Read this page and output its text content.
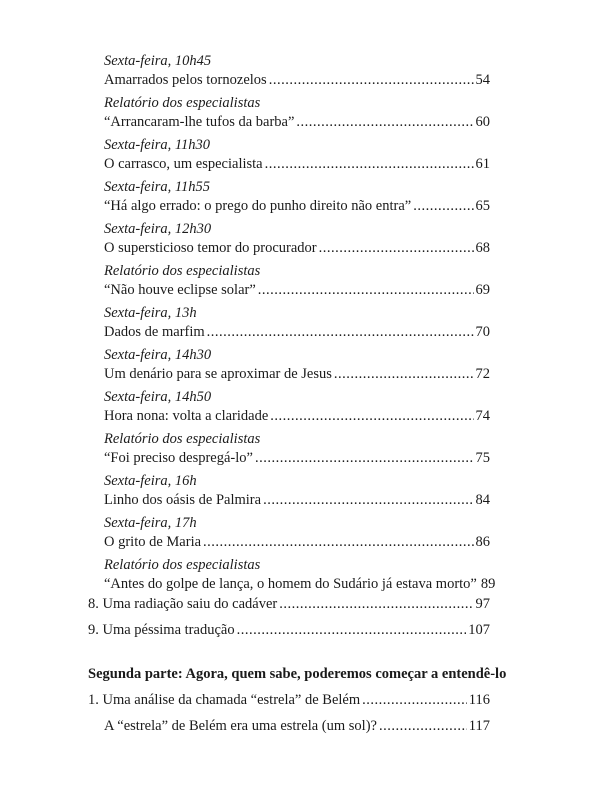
Sexta-feira, 10h45
Amarrados pelos tornozelos .....	54
Relatório dos especialistas
“Arrancaram-lhe tufos da barba” .....	60
Sexta-feira, 11h30
O carrasco, um especialista .....	61
Sexta-feira, 11h55
“Há algo errado: o prego do punho direito não entra” .....	65
Sexta-feira, 12h30
O supersticioso temor do procurador .....	68
Relatório dos especialistas
“Não houve eclipse solar” .....	69
Sexta-feira, 13h
Dados de marfim .....	70
Sexta-feira, 14h30
Um denário para se aproximar de Jesus .....	72
Sexta-feira, 14h50
Hora nona: volta a claridade .....	74
Relatório dos especialistas
“Foi preciso despregá-lo” .....	75
Sexta-feira, 16h
Linho dos oásis de Palmira .....	84
Sexta-feira, 17h
O grito de Maria .....	86
Relatório dos especialistas
“Antes do golpe de lança, o homem do Sudário já estava morto” 89
8. Uma radiação saiu do cadáver .....	97
9. Uma péssima tradução .....	107
Segunda parte: Agora, quem sabe, poderemos começar a entendê-lo
1. Uma análise da chamada “estrela” de Belém .....	116
A “estrela” de Belém era uma estrela (um sol)? .....	117
